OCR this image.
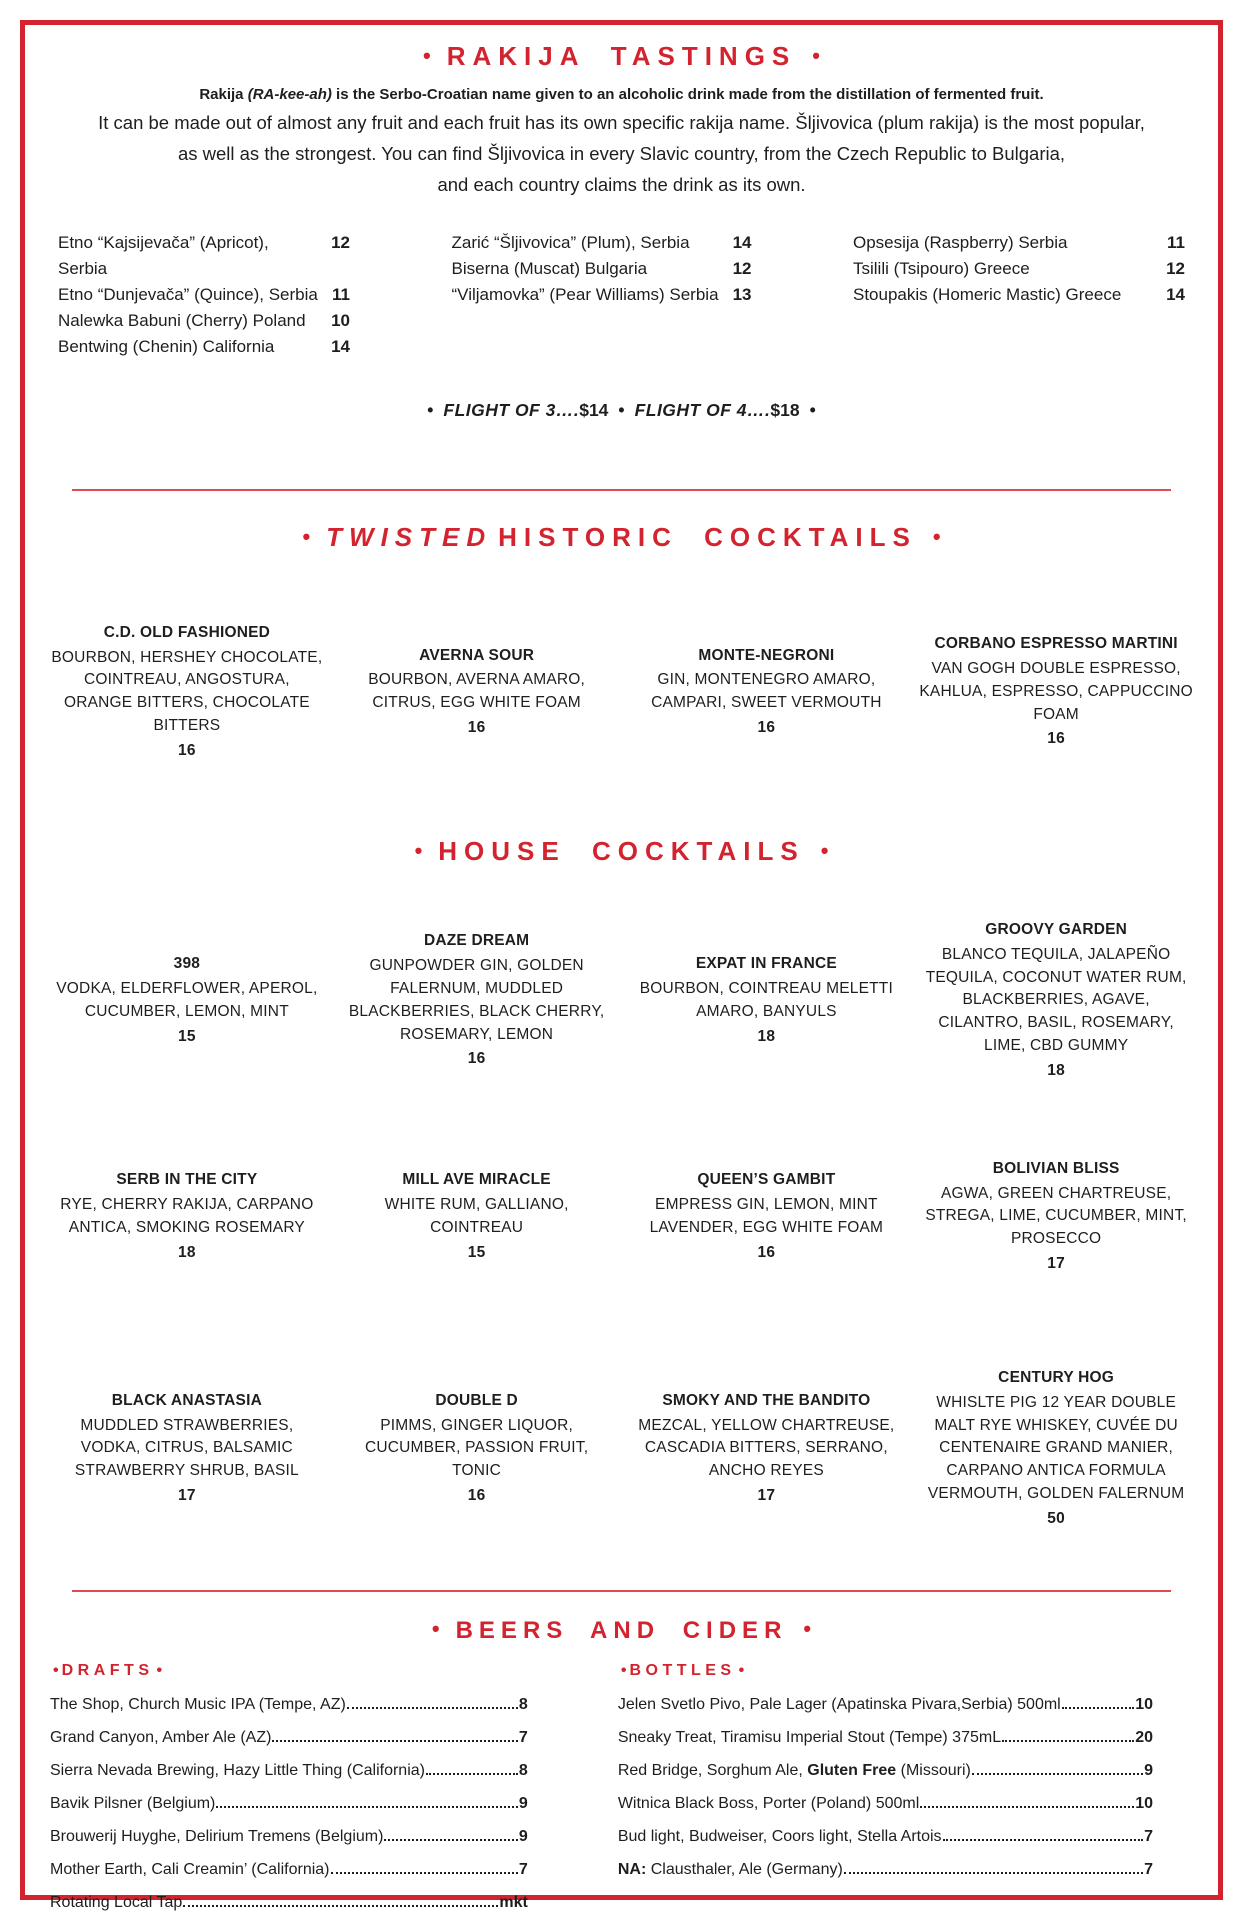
• RAKIJA TASTINGS •
Rakija (RA-kee-ah) is the Serbo-Croatian name given to an alcoholic drink made from the distillation of fermented fruit.
It can be made out of almost any fruit and each fruit has its own specific rakija name. Šljivovica (plum rakija) is the most popular,
as well as the strongest. You can find Šljivovica in every Slavic country, from the Czech Republic to Bulgaria,
and each country claims the drink as its own.
Etno “Kajsijevača” (Apricot), Serbia
12
Etno “Dunjevača” (Quince), Serbia 11
Nalewka Babuni (Cherry) Poland	10
Bentwing (Chenin) California	14
Zarić “Šljivovica” (Plum), Serbia	14
Biserna (Muscat) Bulgaria	12
“Viljamovka” (Pear Williams) Serbia 13
Opsesija (Raspberry) Serbia	11
Tsilili (Tsipouro) Greece	12
Stoupakis (Homeric Mastic) Greece	14
• FLIGHT OF 3….$14 • FLIGHT OF 4….$18 •
• TWISTED HISTORIC COCKTAILS •
C.D. OLD FASHIONED
BOURBON, HERSHEY CHOCOLATE, COINTREAU, ANGOSTURA, ORANGE BITTERS, CHOCOLATE BITTERS
16
AVERNA SOUR
BOURBON, AVERNA AMARO, CITRUS, EGG WHITE FOAM
16
MONTE-NEGRONI
GIN, MONTENEGRO AMARO, CAMPARI, SWEET VERMOUTH
16
CORBANO ESPRESSO MARTINI
VAN GOGH DOUBLE ESPRESSO, KAHLUA, ESPRESSO, CAPPUCCINO FOAM
16
• HOUSE COCKTAILS •
398
VODKA, ELDERFLOWER, APEROL, CUCUMBER, LEMON, MINT
15
DAZE DREAM
GUNPOWDER GIN, GOLDEN FALERNUM, MUDDLED BLACKBERRIES, BLACK CHERRY, ROSEMARY, LEMON
16
EXPAT IN FRANCE
BOURBON, COINTREAU MELETTI AMARO, BANYULS
18
GROOVY GARDEN
BLANCO TEQUILA, JALAPEÑO TEQUILA, COCONUT WATER RUM, BLACKBERRIES, AGAVE, CILANTRO, BASIL, ROSEMARY, LIME, CBD GUMMY
18
SERB IN THE CITY
RYE, CHERRY RAKIJA, CARPANO ANTICA, SMOKING ROSEMARY
18
MILL AVE MIRACLE
WHITE RUM, GALLIANO, COINTREAU
15
QUEEN’S GAMBIT
EMPRESS GIN, LEMON, MINT LAVENDER, EGG WHITE FOAM
16
BOLIVIAN BLISS
AGWA, GREEN CHARTREUSE, STREGA, LIME, CUCUMBER, MINT, PROSECCO
17
BLACK ANASTASIA
MUDDLED STRAWBERRIES, VODKA, CITRUS, BALSAMIC STRAWBERRY SHRUB, BASIL
17
DOUBLE D
PIMMS, GINGER LIQUOR, CUCUMBER, PASSION FRUIT, TONIC
16
SMOKY AND THE BANDITO
MEZCAL, YELLOW CHARTREUSE, CASCADIA BITTERS, SERRANO, ANCHO REYES
17
CENTURY HOG
WHISLTE PIG 12 YEAR DOUBLE MALT RYE WHISKEY, CUVÉE DU CENTENAIRE GRAND MANIER, CARPANO ANTICA FORMULA VERMOUTH, GOLDEN FALERNUM
50
• BEERS AND CIDER •
• DRAFTS •
The Shop, Church Music IPA (Tempe, AZ)	8
Grand Canyon, Amber Ale (AZ)	7
Sierra Nevada Brewing, Hazy Little Thing (California)	8
Bavik Pilsner (Belgium)	9
Brouwerij Huyghe, Delirium Tremens (Belgium)	9
Mother Earth, Cali Creamin’ (California)	7
Rotating Local Tap	mkt
• BOTTLES •
Jelen Svetlo Pivo, Pale Lager (Apatinska Pivara,Serbia) 500ml	10
Sneaky Treat, Tiramisu Imperial Stout (Tempe) 375mL	20
Red Bridge, Sorghum Ale, Gluten Free (Missouri)	9
Witnica Black Boss, Porter (Poland) 500ml	10
Bud light, Budweiser, Coors light, Stella Artois	7
NA: Clausthaler, Ale (Germany)	7
